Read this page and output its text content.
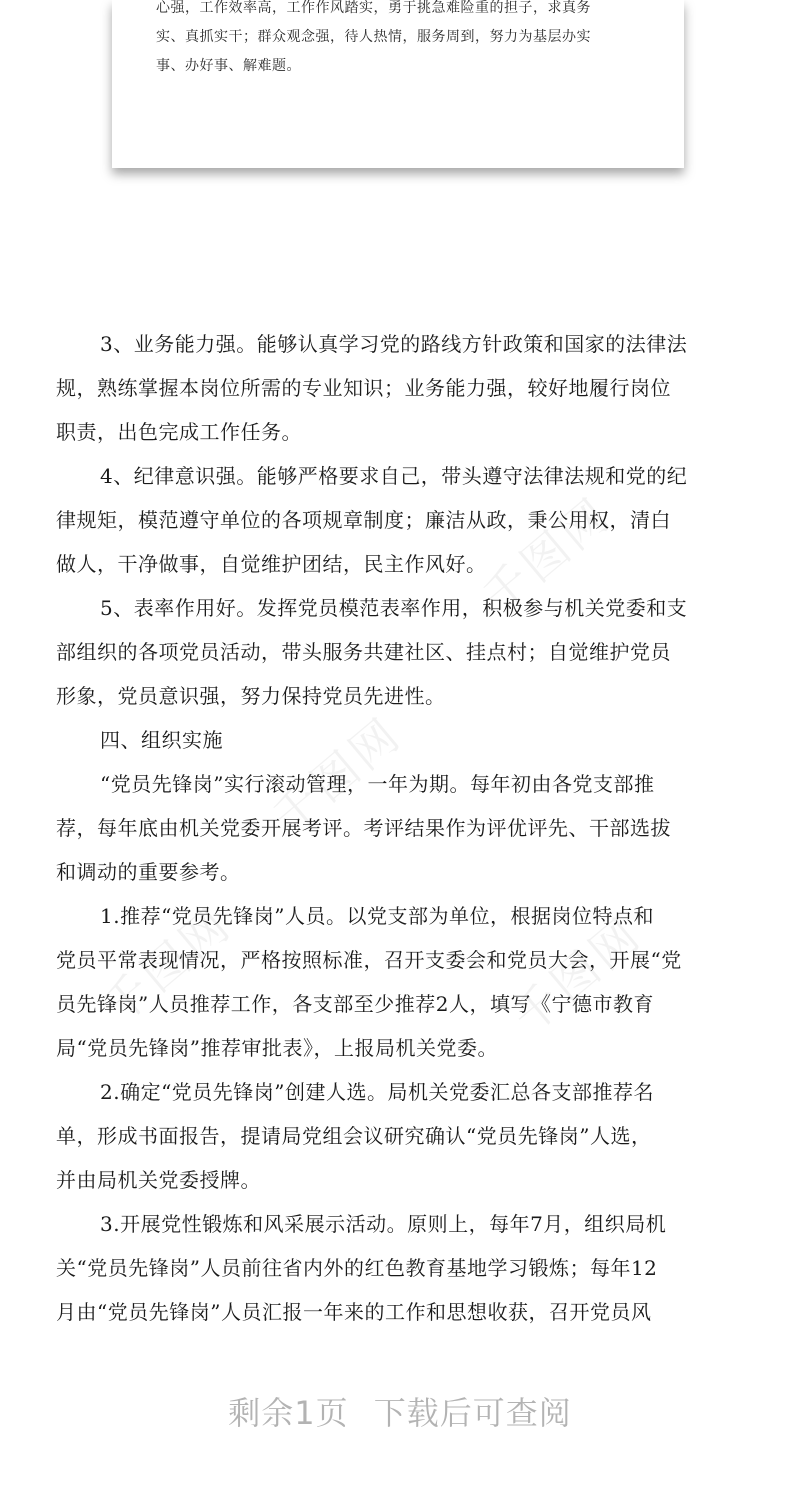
心强，工作效率高，工作作风踏实，勇于挑急难险重的担子，求真务
实、真抓实干；群众观念强，待人热情，服务周到，努力为基层办实
事、办好事、解难题。
千图网
千图网
千图网	千图网
3、业务能力强。能够认真学习党的路线方针政策和国家的法律法
规，熟练掌握本岗位所需的专业知识；业务能力强，较好地履行岗位
职责，出色完成工作任务。
4、纪律意识强。能够严格要求自己，带头遵守法律法规和党的纪
律规矩，模范遵守单位的各项规章制度；廉洁从政，秉公用权，清白
做人，干净做事，自觉维护团结，民主作风好。
5、表率作用好。发挥党员模范表率作用，积极参与机关党委和支
部组织的各项党员活动，带头服务共建社区、挂点村；自觉维护党员
形象，党员意识强，努力保持党员先进性。
四、组织实施
“党员先锋岗”实行滚动管理，一年为期。每年初由各党支部推
荐，每年底由机关党委开展考评。考评结果作为评优评先、干部选拔
和调动的重要参考。
1.推荐“党员先锋岗”人员。以党支部为单位，根据岗位特点和
党员平常表现情况，严格按照标准，召开支委会和党员大会，开展“党
员先锋岗”人员推荐工作，各支部至少推荐2人，填写《宁德市教育
局“党员先锋岗”推荐审批表》，上报局机关党委。
2.确定“党员先锋岗”创建人选。局机关党委汇总各支部推荐名
单，形成书面报告，提请局党组会议研究确认“党员先锋岗”人选，
并由局机关党委授牌。
3.开展党性锻炼和风采展示活动。原则上，每年7月，组织局机
关“党员先锋岗”人员前往省内外的红色教育基地学习锻炼；每年12
月由“党员先锋岗”人员汇报一年来的工作和思想收获，召开党员风
剩余1页 下载后可查阅
